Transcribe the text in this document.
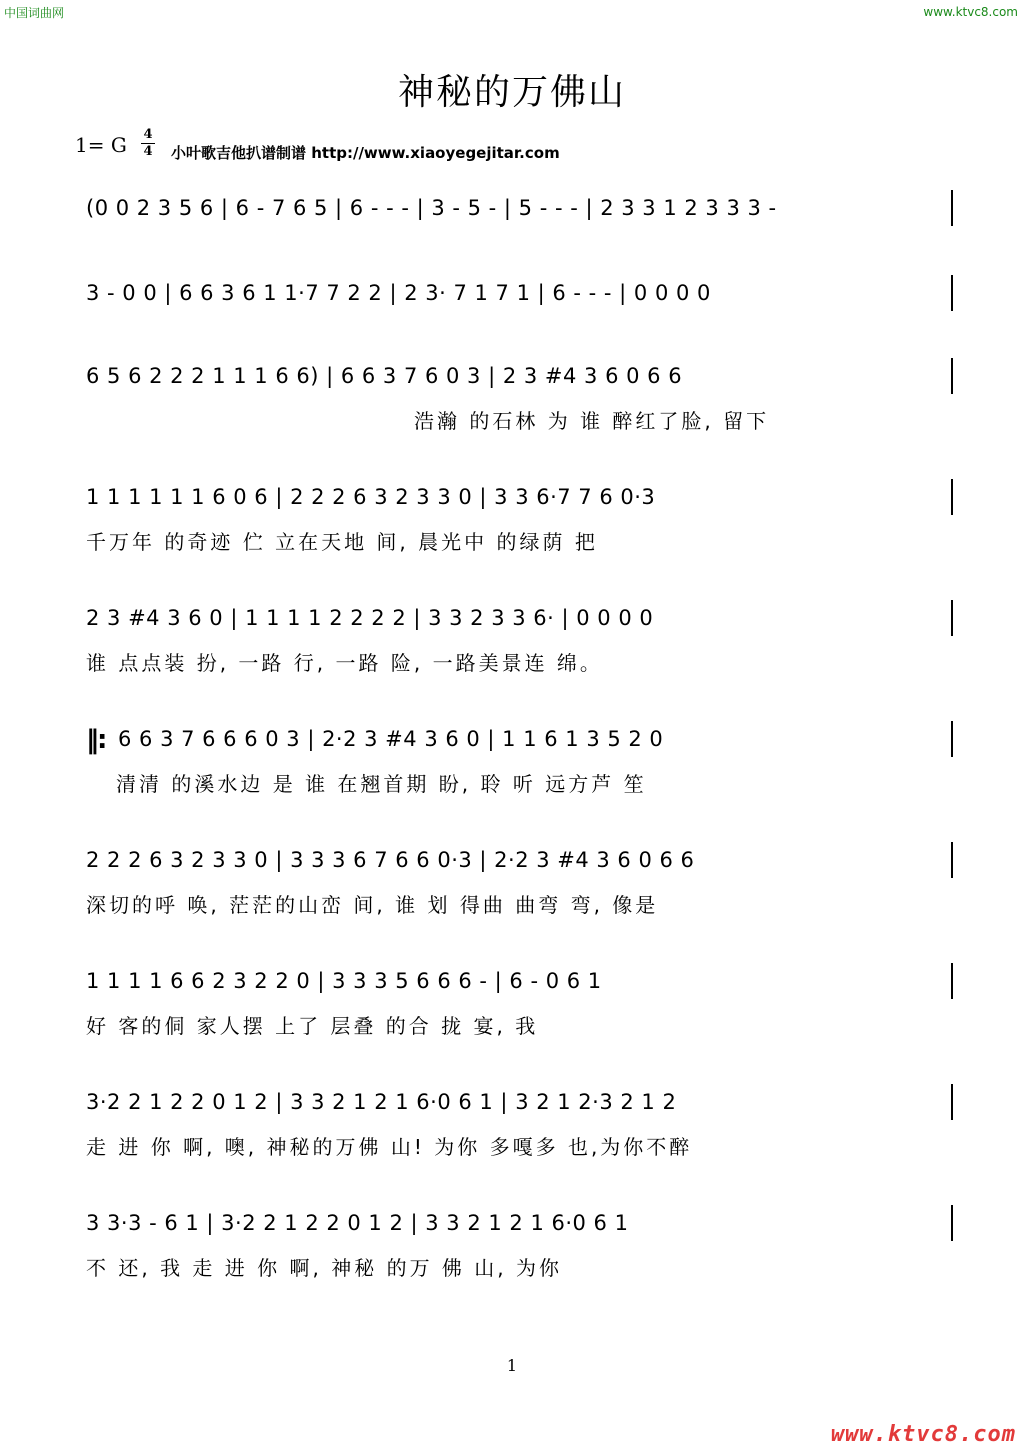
中国词曲网	www.ktvc8.com
神秘的万佛山
1= G 4
4 小叶歌吉他扒谱制谱 http://www.xiaoyegejitar.com
(0 0 2 3 5 6 | 6 - 7 6 5 | 6 - - - | 3 - 5 - | 5 - - - | 2 3 3 1 2 3 3 3 -
3 - 0 0 | 6 6 3 6 1 1·7 7 2 2 | 2 3· 7 1 7 1 | 6 - - - | 0 0 0 0
6 5 6 2 2 2 1 1 1 6 6) | 6 6 3 7 6 0 3 | 2 3 #4 3 6 0 6 6
浩瀚 的石林 为 谁 醉红了脸, 留下
1 1 1 1 1 1 6 0 6 | 2 2 2 6 3 2 3 3 0 | 3 3 6·7 7 6 0·3
千万年 的奇迹 伫 立在天地 间, 晨光中 的绿荫 把
2 3 #4 3 6 0 | 1 1 1 1 2 2 2 2 | 3 3 2 3 3 6· | 0 0 0 0
谁 点点装 扮, 一路 行, 一路 险, 一路美景连 绵。
‖: 6 6 3 7 6 6 6 0 3 | 2·2 3 #4 3 6 0 | 1 1 6 1 3 5 2 0
清清 的溪水边 是 谁 在翘首期 盼, 聆 听 远方芦 笙
2 2 2 6 3 2 3 3 0 | 3 3 3 6 7 6 6 0·3 | 2·2 3 #4 3 6 0 6 6
深切的呼 唤, 茫茫的山峦 间, 谁 划 得曲 曲弯 弯, 像是
1 1 1 1 6 6 2 3 2 2 0 | 3 3 3 5 6 6 6 - | 6 - 0 6 1
好 客的侗 家人摆 上了 层叠 的合 拢 宴, 我
3·2 2 1 2 2 0 1 2 | 3 3 2 1 2 1 6·0 6 1 | 3 2 1 2·3 2 1 2
走 进 你 啊, 噢, 神秘的万佛 山! 为你 多嘎多 也,为你不醉
3 3·3 - 6 1 | 3·2 2 1 2 2 0 1 2 | 3 3 2 1 2 1 6·0 6 1
不 还, 我 走 进 你 啊, 神秘 的万 佛 山, 为你
1
www.ktvc8.com
